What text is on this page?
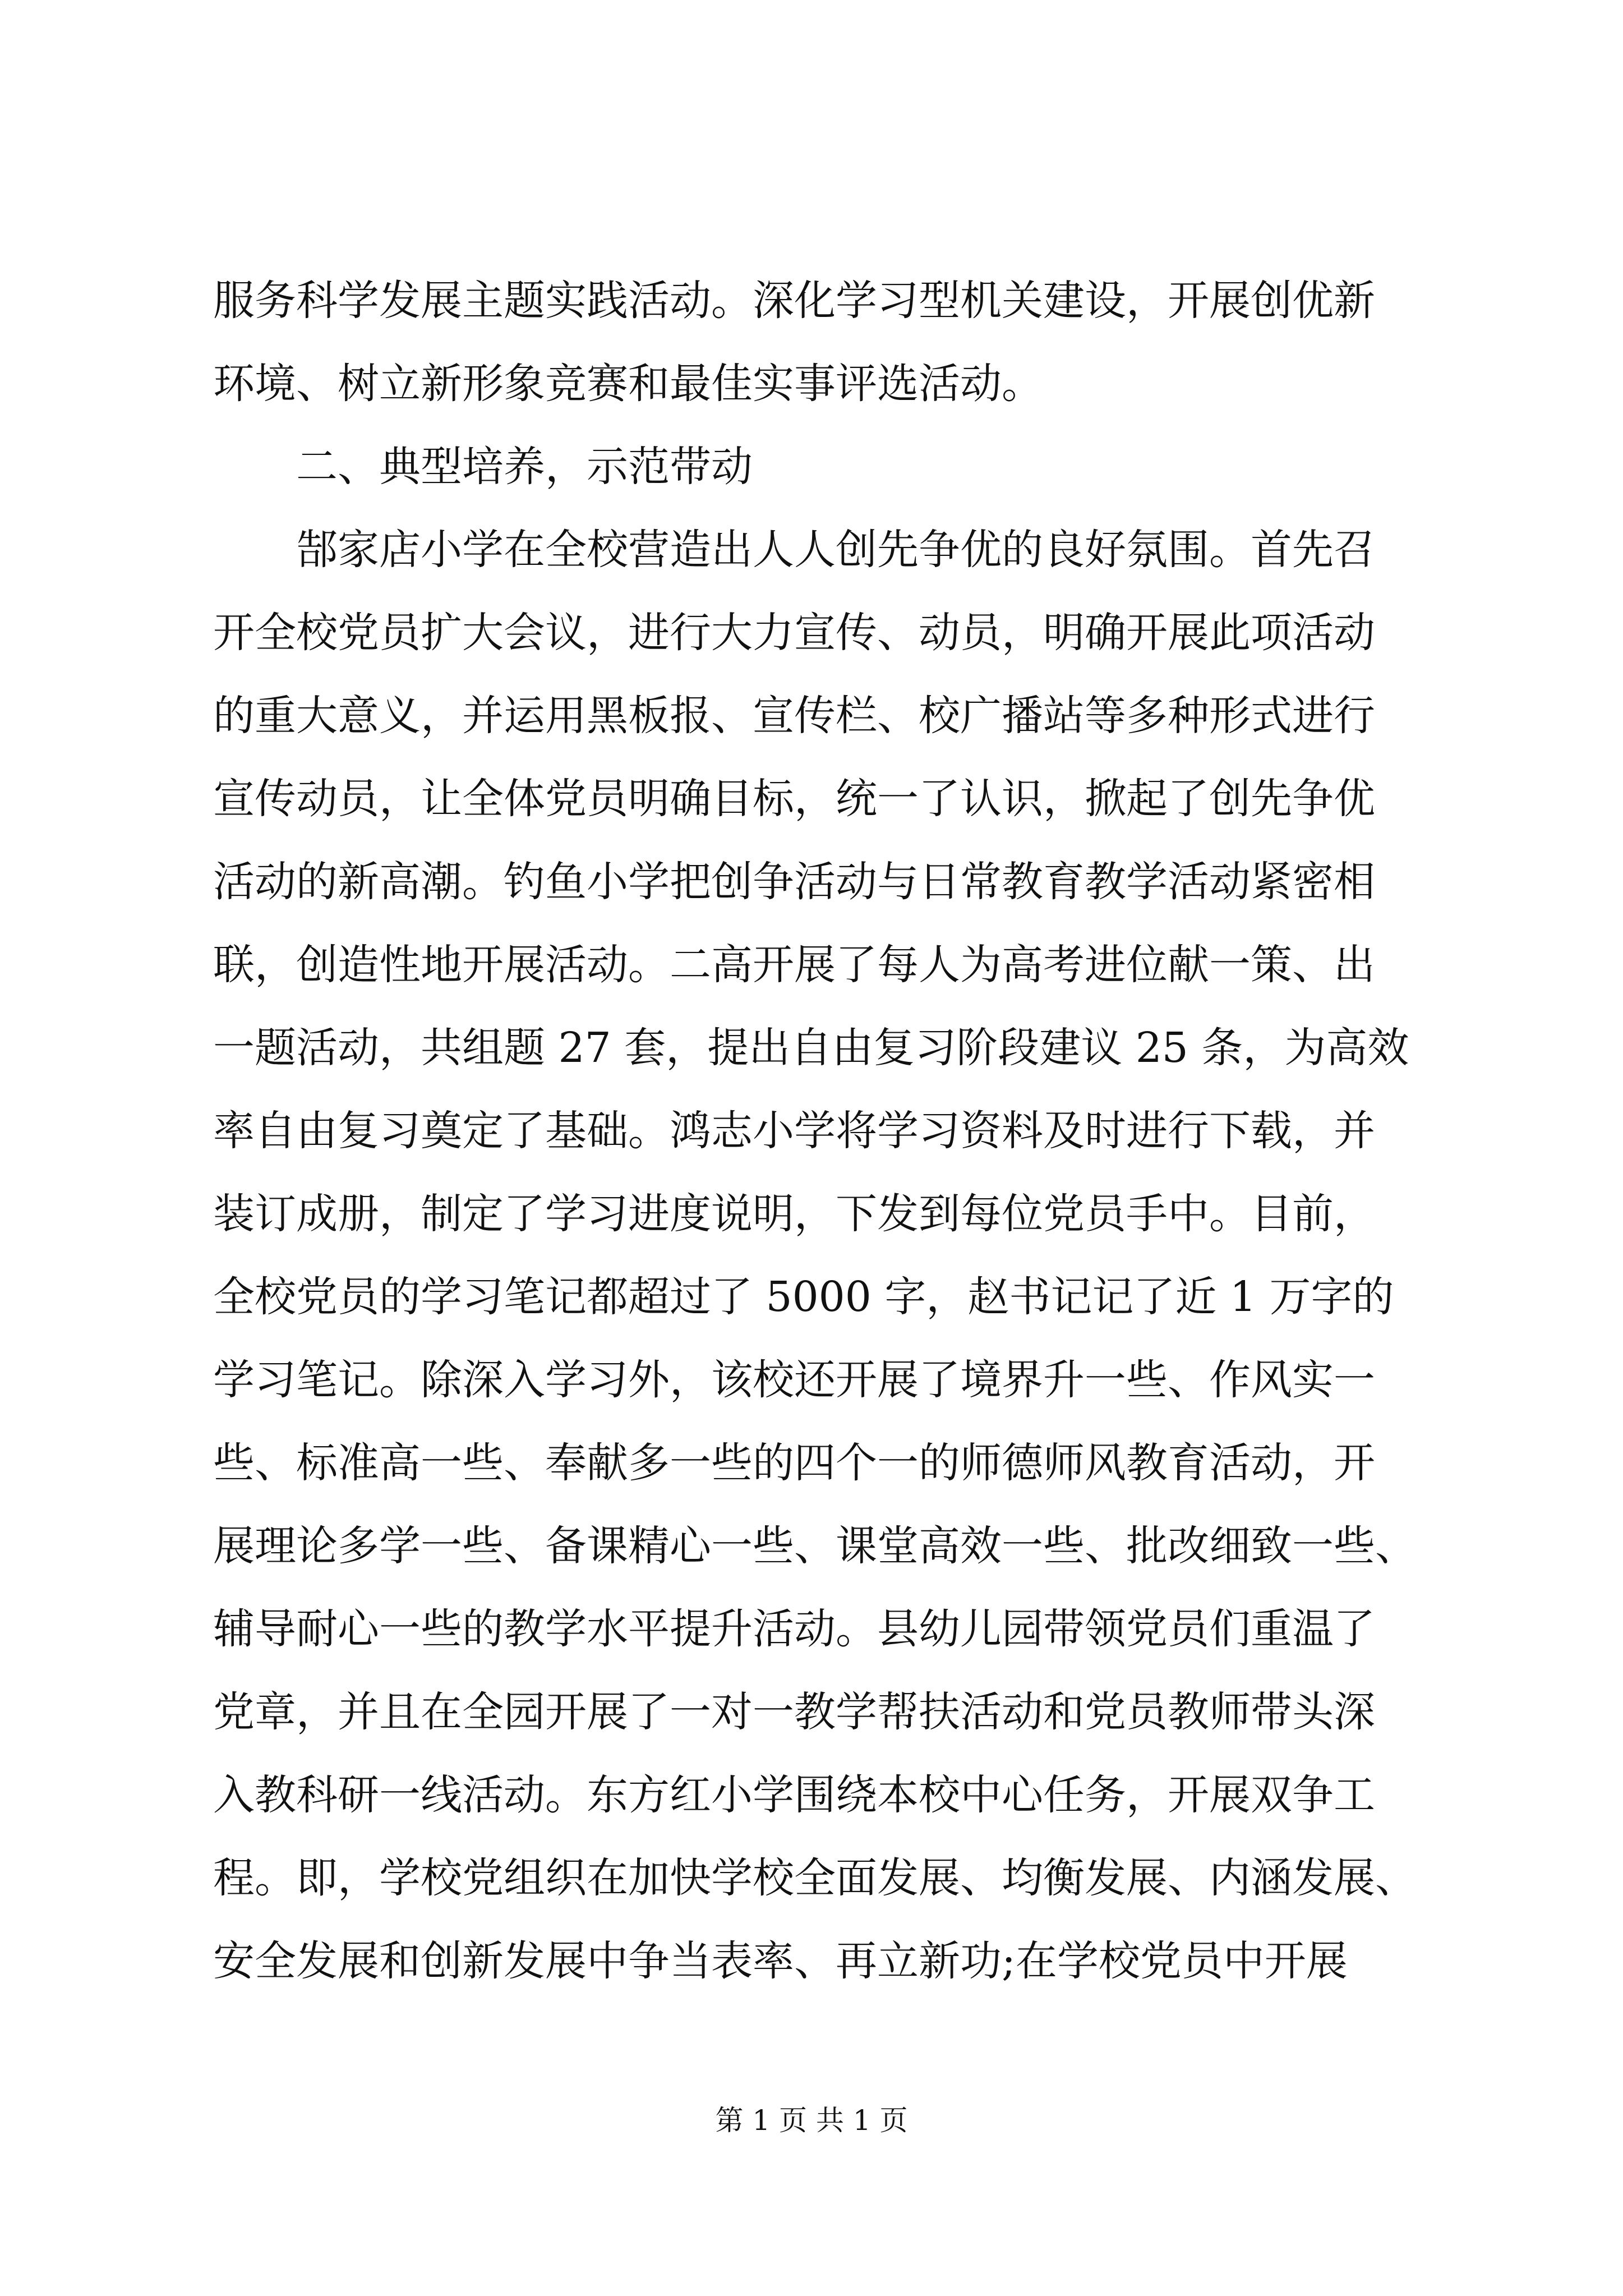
服务科学发展主题实践活动。深化学习型机关建设，开展创优新
环境、树立新形象竞赛和最佳实事评选活动。
二、典型培养，示范带动
郜家店小学在全校营造出人人创先争优的良好氛围。首先召
开全校党员扩大会议，进行大力宣传、动员，明确开展此项活动
的重大意义，并运用黑板报、宣传栏、校广播站等多种形式进行
宣传动员，让全体党员明确目标，统一了认识，掀起了创先争优
活动的新高潮。钓鱼小学把创争活动与日常教育教学活动紧密相
联，创造性地开展活动。二高开展了每人为高考进位献一策、出
一题活动，共组题 27 套，提出自由复习阶段建议 25 条，为高效
率自由复习奠定了基础。鸿志小学将学习资料及时进行下载，并
装订成册，制定了学习进度说明，下发到每位党员手中。目前，
全校党员的学习笔记都超过了 5000 字，赵书记记了近 1 万字的
学习笔记。除深入学习外，该校还开展了境界升一些、作风实一
些、标准高一些、奉献多一些的四个一的师德师风教育活动，开
展理论多学一些、备课精心一些、课堂高效一些、批改细致一些、
辅导耐心一些的教学水平提升活动。县幼儿园带领党员们重温了
党章，并且在全园开展了一对一教学帮扶活动和党员教师带头深
入教科研一线活动。东方红小学围绕本校中心任务，开展双争工
程。即，学校党组织在加快学校全面发展、均衡发展、内涵发展、
安全发展和创新发展中争当表率、再立新功;在学校党员中开展
第 1 页 共 1 页
